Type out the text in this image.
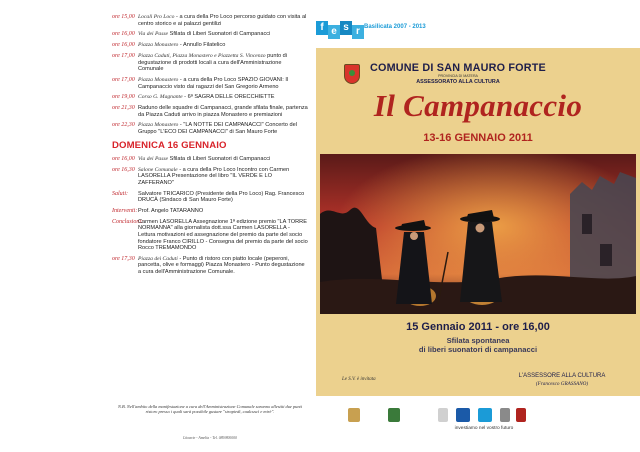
ore 15,00 Locali Pro Loco - a cura della Pro Loco percorso guidato con visita al centro storico e ai palazzi gentilizi
ore 16,00 Via dei Passe Sfilata di Liberi Suonatori di Campanacci
ore 16,00 Piazza Monastero - Annullo Filatelico
ore 17,00 Piazza Caduti, Piazza Monastero e Piazzetta S. Vincenzo punto di degustazione di prodotti locali a cura dell'Amministrazione Comunale
ore 17,00 Piazza Monastero - a cura della Pro Loco SPAZIO GIOVANI: Il Campanaccio visto dai ragazzi del San Gregorio Armeno
ore 19,00 Corso G. Magnante - 6ª SAGRA DELLE ORECCHIETTE
ore 21,30 Raduno delle squadre di Campanacci, grande sfilata finale, partenza da Piazza Caduti arrivo in piazza Monastero e premiazioni
ore 22,30 Piazza Monastero - "LA NOTTE DEI CAMPANACCI" Concerto del Gruppo "L'ECO DEI CAMPANACCI" di San Mauro Forte
DOMENICA 16 GENNAIO
ore 16,00 Via dei Passe Sfilata di Liberi Suonatori di Campanacci
ore 16,30 Salone Comunale - a cura della Pro Loco Incontro con Carmen LASORELLA Presentazione del libro "IL VERDE E LO ZAFFERANO"
Saluti:	Salvatore TRICARICO (Presidente della Pro Loco) Rag. Francesco DRUCÀ (Sindaco di San Mauro Forte)
Interventi: Prof. Angelo TATARANNO
Conclusioni:
Carmen LASORELLA Assegnazione 1ª edizione premio "LA TORRE NORMANNA" alla giornalista dott.ssa Carmen LASORELLA - Lettura motivazioni ed assegnazione del premio da parte del socio fondatore Franco CIRILLO - Consegna del premio da parte del socio Rocco TREMAMONDO
ore 17,30 Piazza dei Caduti - Punto di ristoro con piatto locale (peperoni, pancetta, olive e formaggi) Piazza Monastero - Punto degustazione a cura dell'Amministrazione Comunale.
N.B. Nell'ambito della manifestazione a cura dell'Amministrazione Comunale saranno allestiti due punti ristoro presso i quali sarà possibile gustare "strapiedi, caalcuscì e mirè".
Litoarte - Amelia - Tel. 089/800000
f e s r Basilicata 2007 - 2013
COMUNE DI SAN MAURO FORTE
PROVINCIA DI MATERA
ASSESSORATO ALLA CULTURA
Il Campanaccio
13-16 GENNAIO 2011
15 Gennaio 2011 - ore 16,00
Sfilata spontanea
di liberi suonatori di campanacci
Le S.V. è invitata
L'ASSESSORE ALLA CULTURA
(Francesco GRASSANO)
investiamo nel vostro futuro
